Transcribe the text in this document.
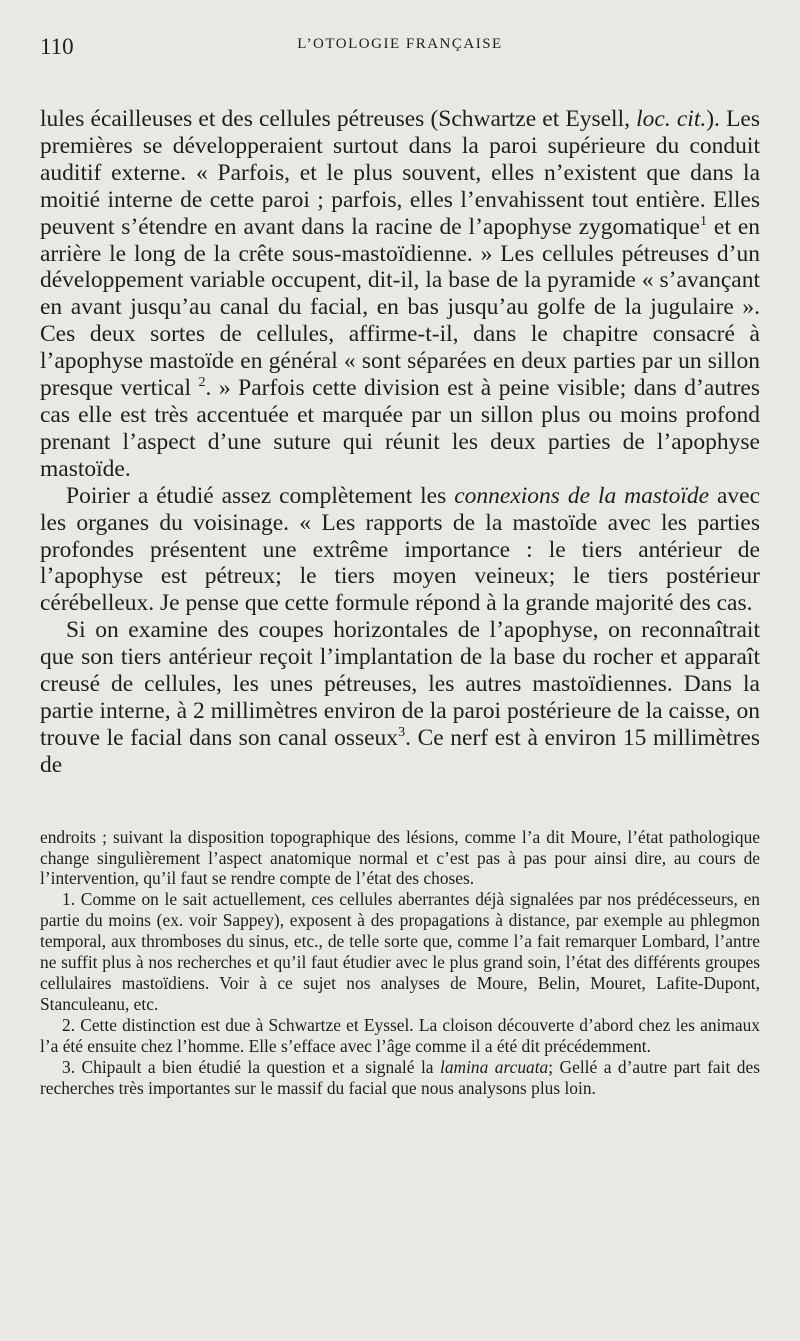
110	L’OTOLOGIE FRANÇAISE

lules écailleuses et des cellules pétreuses (Schwartze et Eysell, loc. cit.). Les premières se développeraient surtout dans la paroi supérieure du conduit auditif externe. « Parfois, et le plus souvent, elles n’existent que dans la moitié interne de cette paroi ; parfois, elles l’envahissent tout entière. Elles peuvent s’étendre en avant dans la racine de l’apophyse zygomatique$^1$ et en arrière le long de la crête sous-mastoïdienne. » Les cellules pétreuses d’un développement variable occupent, dit-il, la base de la pyramide « s’avançant en avant jusqu’au canal du facial, en bas jusqu’au golfe de la jugulaire ». Ces deux sortes de cellules, affirme-t-il, dans le chapitre consacré à l’apophyse mastoïde en général « sont séparées en deux parties par un sillon presque vertical $^2$. » Parfois cette division est à peine visible; dans d’autres cas elle est très accentuée et marquée par un sillon plus ou moins profond prenant l’aspect d’une suture qui réunit les deux parties de l’apophyse mastoïde.

Poirier a étudié assez complètement les connexions de la mastoïde avec les organes du voisinage. « Les rapports de la mastoïde avec les parties profondes présentent une extrême importance : le tiers antérieur de l’apophyse est pétreux; le tiers moyen veineux; le tiers postérieur cérébelleux. Je pense que cette formule répond à la grande majorité des cas.

Si on examine des coupes horizontales de l’apophyse, on reconnaîtrait que son tiers antérieur reçoit l’implantation de la base du rocher et apparaît creusé de cellules, les unes pétreuses, les autres mastoïdiennes. Dans la partie interne, à 2 millimètres environ de la paroi postérieure de la caisse, on trouve le facial dans son canal osseux$^3$. Ce nerf est à environ 15 millimètres de

endroits ; suivant la disposition topographique des lésions, comme l’a dit Moure, l’état pathologique change singulièrement l’aspect anatomique normal et c’est pas à pas pour ainsi dire, au cours de l’intervention, qu’il faut se rendre compte de l’état des choses.

1. Comme on le sait actuellement, ces cellules aberrantes déjà signalées par nos prédécesseurs, en partie du moins (ex. voir Sappey), exposent à des propagations à distance, par exemple au phlegmon temporal, aux thromboses du sinus, etc., de telle sorte que, comme l’a fait remarquer Lombard, l’antre ne suffit plus à nos recherches et qu’il faut étudier avec le plus grand soin, l’état des différents groupes cellulaires mastoïdiens. Voir à ce sujet nos analyses de Moure, Belin, Mouret, Lafite-Dupont, Stanculeanu, etc.

2. Cette distinction est due à Schwartze et Eyssel. La cloison découverte d’abord chez les animaux l’a été ensuite chez l’homme. Elle s’efface avec l’âge comme il a été dit précédemment.

3. Chipault a bien étudié la question et a signalé la lamina arcuata; Gellé a d’autre part fait des recherches très importantes sur le massif du facial que nous analysons plus loin.
